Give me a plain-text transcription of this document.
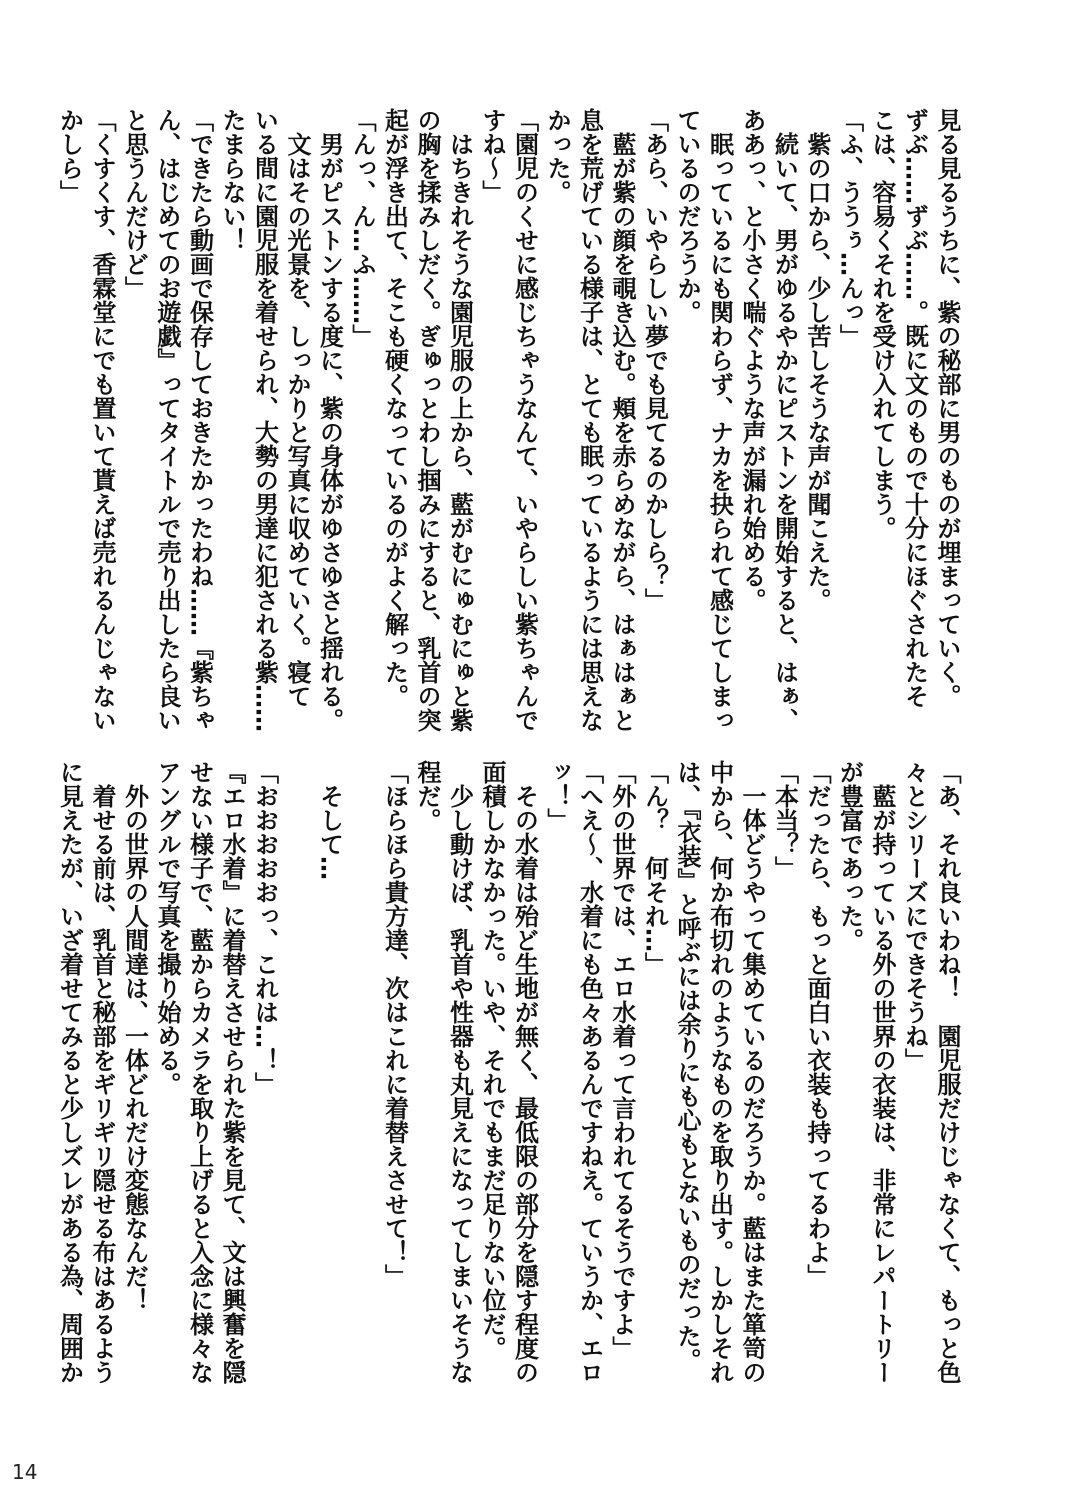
見る見るうちに、紫の秘部に男のものが埋まっていく。

ずぶ……ずぶ……。既に文のもので十分にほぐされたそ

こは、容易くそれを受け入れてしまう。

「ふ、ううぅ…んっ」

　紫の口から、少し苦しそうな声が聞こえた。

　続いて、男がゆるやかにピストンを開始すると、はぁ、

ああっ、と小さく喘ぐような声が漏れ始める。

　眠っているにも関わらず、ナカを抉られて感じてしまっ

ているのだろうか。

「あら、いやらしい夢でも見てるのかしら？」

　藍が紫の顔を覗き込む。頬を赤らめながら、はぁはぁと

息を荒げている様子は、とても眠っているようには思えな

かった。

「園児のくせに感じちゃうなんて、いやらしい紫ちゃんで

すね～」

　はちきれそうな園児服の上から、藍がむにゅむにゅと紫

の胸を揉みしだく。ぎゅっとわし掴みにすると、乳首の突

起が浮き出て、そこも硬くなっているのがよく解った。

「んっ、ん…ふ……」

　男がピストンする度に、紫の身体がゆさゆさと揺れる。

　文はその光景を、しっかりと写真に収めていく。寝て

いる間に園児服を着せられ、大勢の男達に犯される紫……

たまらない！

「できたら動画で保存しておきたかったわね……『紫ちゃ

ん、はじめてのお遊戯』ってタイトルで売り出したら良い

と思うんだけど」

「くすくす、香霖堂にでも置いて貰えば売れるんじゃない

かしら」

「あ、それ良いわね！　園児服だけじゃなくて、もっと色

々とシリーズにできそうね」

　藍が持っている外の世界の衣装は、非常にレパートリー

が豊富であった。

「だったら、もっと面白い衣装も持ってるわよ」

「本当？」

　一体どうやって集めているのだろうか。藍はまた箪笥の

中から、何か布切れのようなものを取り出す。しかしそれ

は、『衣装』と呼ぶには余りにも心もとないものだった。

「ん？　何それ…」

「外の世界では、エロ水着って言われてるそうですよ」

「へえ～、水着にも色々あるんですねえ。ていうか、エロ

ッ！」

　その水着は殆ど生地が無く、最低限の部分を隠す程度の

面積しかなかった。いや、それでもまだ足りない位だ。

　少し動けば、乳首や性器も丸見えになってしまいそうな

程だ。

「ほらほら貴方達、次はこれに着替えさせて！」

　そして…

「おおおおおっ、これは…！」

『エロ水着』に着替えさせられた紫を見て、文は興奮を隠

せない様子で、藍からカメラを取り上げると入念に様々な

アングルで写真を撮り始める。

　外の世界の人間達は、一体どれだけ変態なんだ！

　着せる前は、乳首と秘部をギリギリ隠せる布はあるよう

に見えたが、いざ着せてみると少しズレがある為、周囲か

14
